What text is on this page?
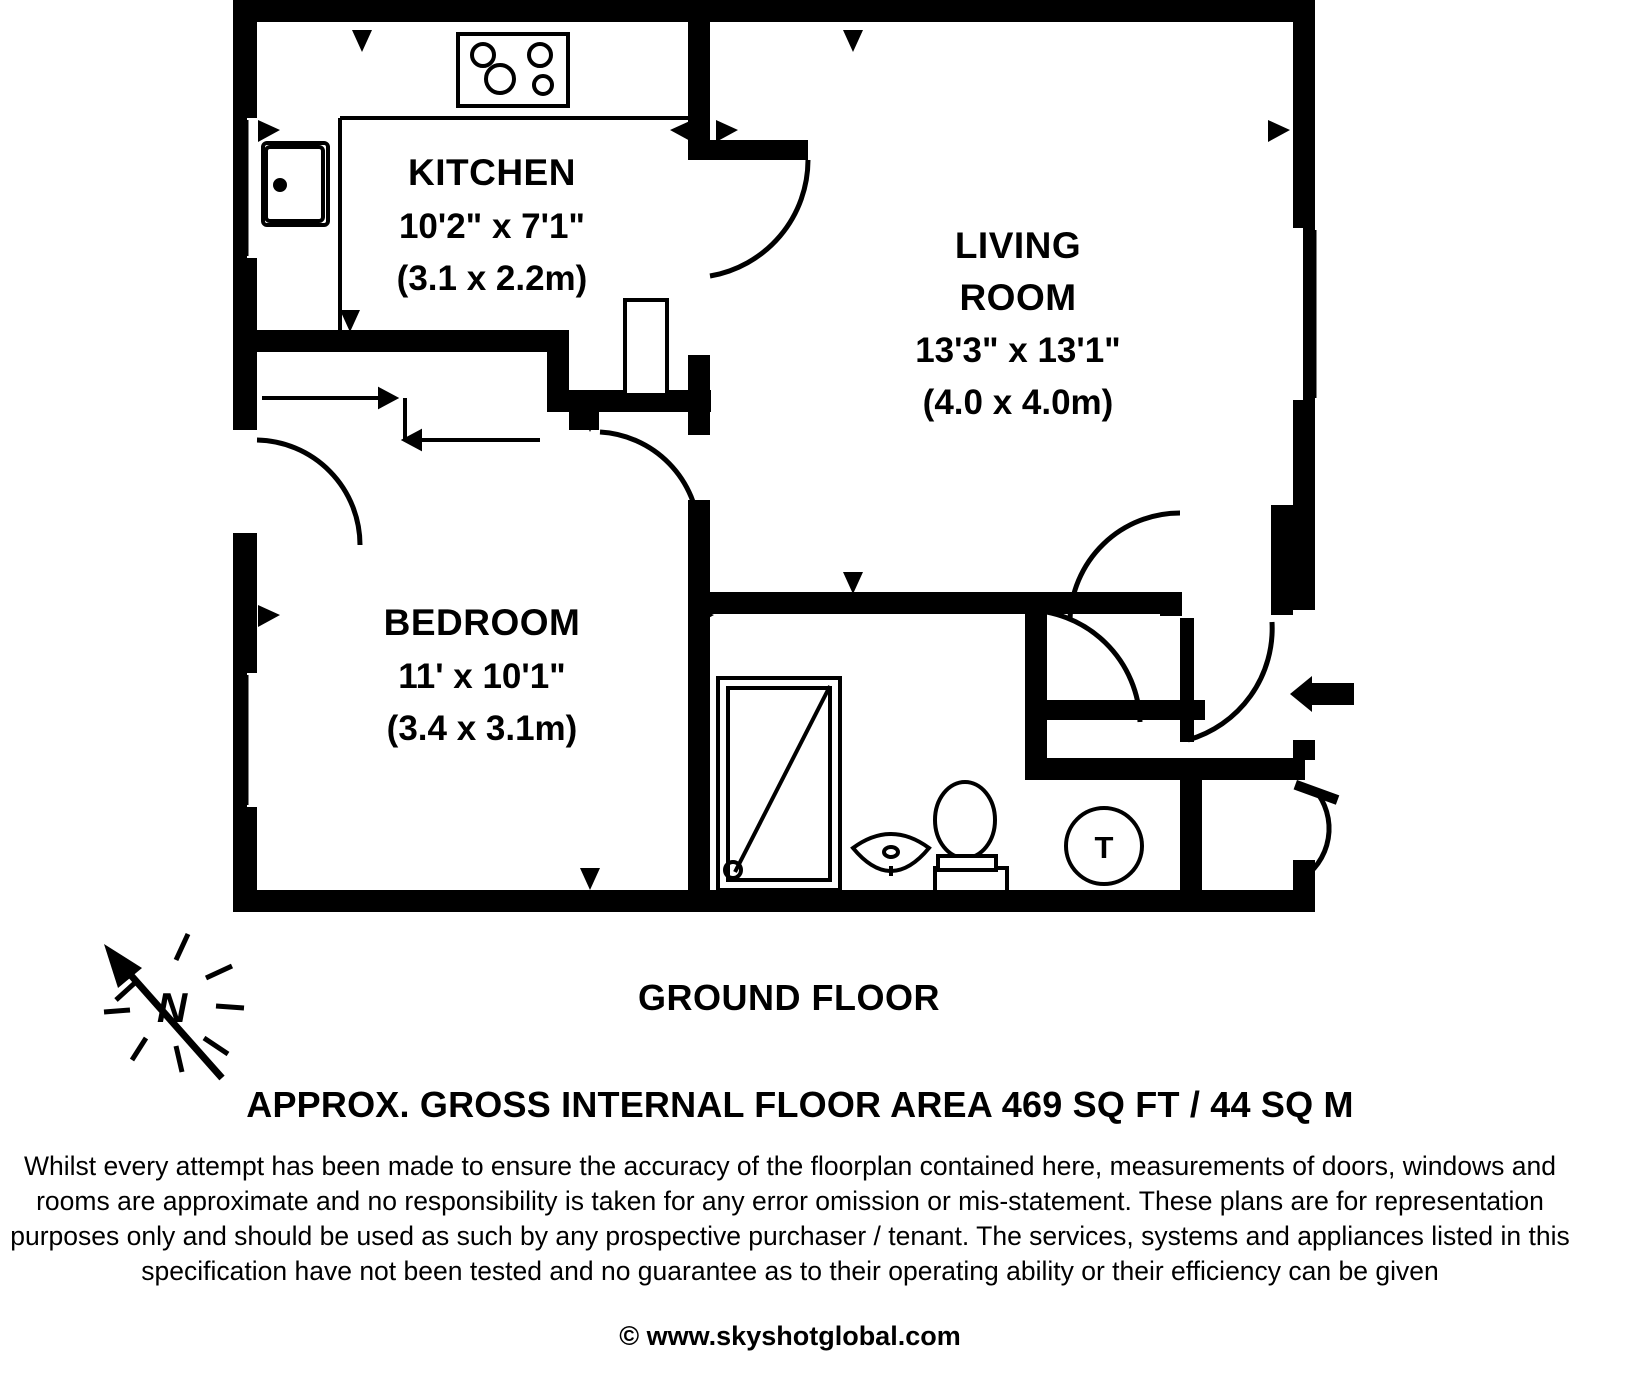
T
KITCHEN
10'2" x 7'1"
(3.1 x 2.2m)
LIVING
ROOM
13'3" x 13'1"
(4.0 x 4.0m)
BEDROOM
11' x 10'1"
(3.4 x 3.1m)
N	GROUND FLOOR
APPROX. GROSS INTERNAL FLOOR AREA 469 SQ FT / 44 SQ M
Whilst every attempt has been made to ensure the accuracy of the floorplan contained here, measurements of doors, windows and
rooms are approximate and no responsibility is taken for any error omission or mis-statement. These plans are for representation
purposes only and should be used as such by any prospective purchaser / tenant. The services, systems and appliances listed in this
specification have not been tested and no guarantee as to their operating ability or their efficiency can be given
© www.skyshotglobal.com
